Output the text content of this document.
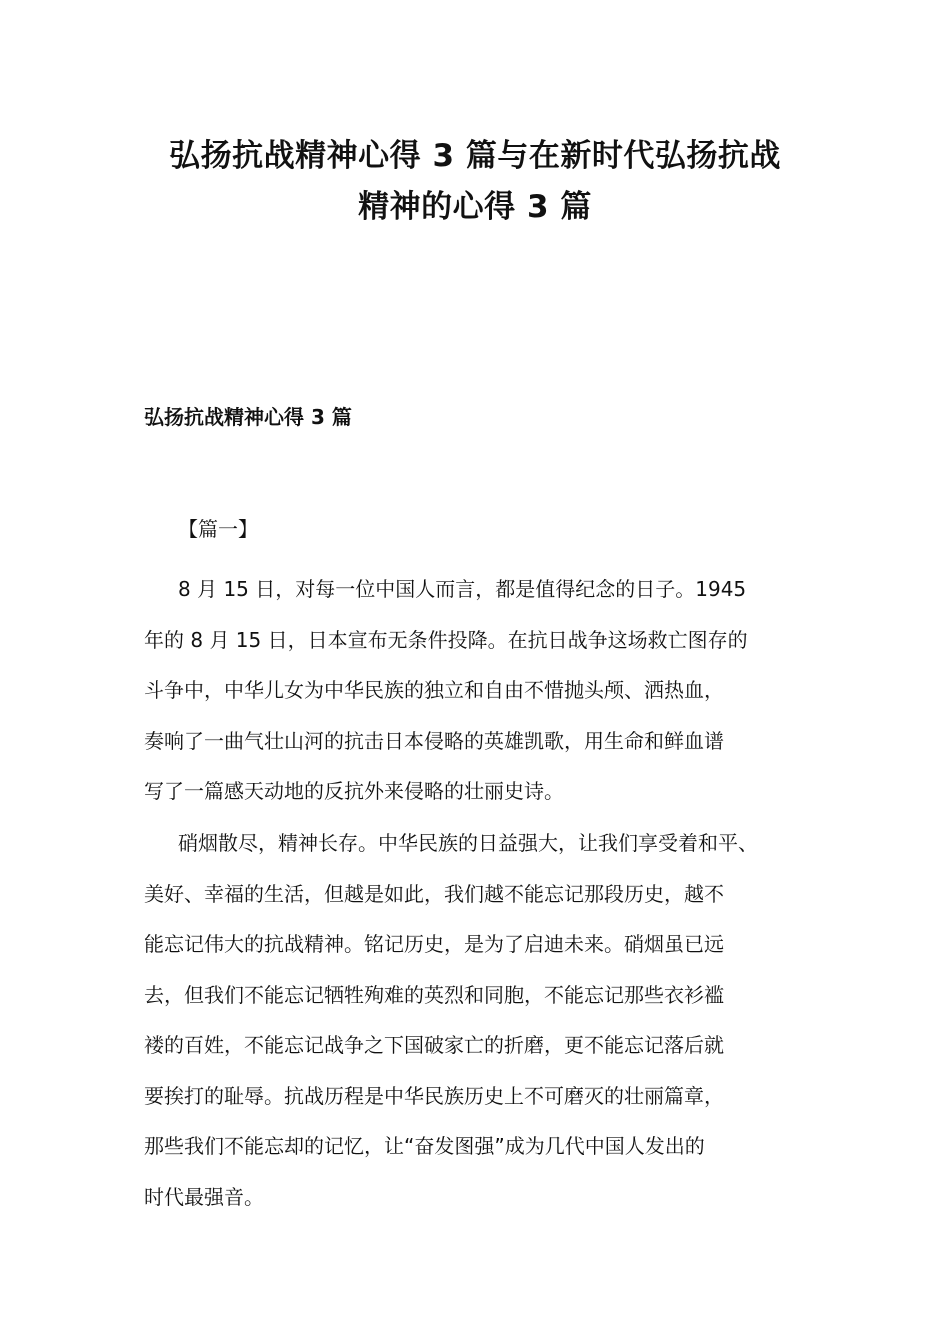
弘扬抗战精神心得 3 篇与在新时代弘扬抗战
精神的心得 3 篇
弘扬抗战精神心得 3 篇
【篇一】
8 月 15 日，对每一位中国人而言，都是值得纪念的日子。1945
年的 8 月 15 日，日本宣布无条件投降。在抗日战争这场救亡图存的
斗争中，中华儿女为中华民族的独立和自由不惜抛头颅、洒热血，
奏响了一曲气壮山河的抗击日本侵略的英雄凯歌，用生命和鲜血谱
写了一篇感天动地的反抗外来侵略的壮丽史诗。
硝烟散尽，精神长存。中华民族的日益强大，让我们享受着和平、
美好、幸福的生活，但越是如此，我们越不能忘记那段历史，越不
能忘记伟大的抗战精神。铭记历史，是为了启迪未来。硝烟虽已远
去，但我们不能忘记牺牲殉难的英烈和同胞，不能忘记那些衣衫褴
褛的百姓，不能忘记战争之下国破家亡的折磨，更不能忘记落后就
要挨打的耻辱。抗战历程是中华民族历史上不可磨灭的壮丽篇章，
那些我们不能忘却的记忆，让“奋发图强”成为几代中国人发出的
时代最强音。
